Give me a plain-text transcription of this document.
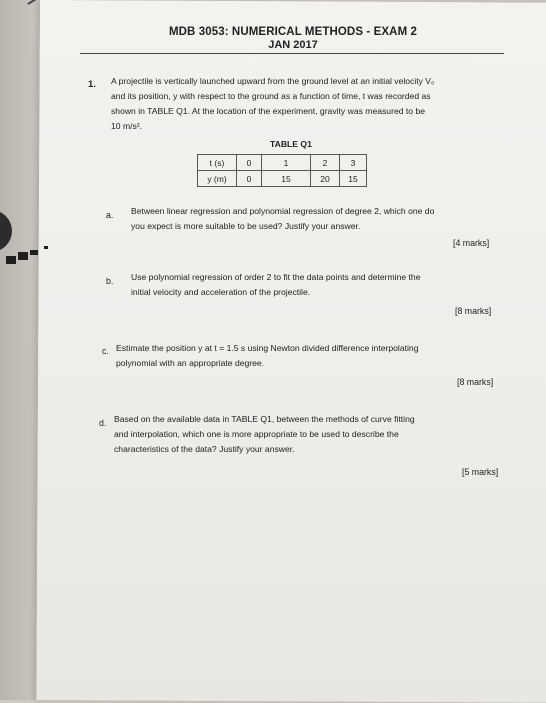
MDB 3053: NUMERICAL METHODS - EXAM 2
JAN 2017
1. A projectile is vertically launched upward from the ground level at an initial velocity V₀
and its position, y with respect to the ground as a function of time, t was recorded as
shown in TABLE Q1. At the location of the experiment, gravity was measured to be
10 m/s².
TABLE Q1
t (s)	0	1	2	3
y (m)	0	15	20	15
a. Between linear regression and polynomial regression of degree 2, which one do
you expect is more suitable to be used? Justify your answer.
[4 marks]
b. Use polynomial regression of order 2 to fit the data points and determine the
initial velocity and acceleration of the projectile.
[8 marks]
c. Estimate the position y at t = 1.5 s using Newton divided difference interpolating
polynomial with an appropriate degree.
[8 marks]
d. Based on the available data in TABLE Q1, between the methods of curve fitting
and interpolation, which one is more appropriate to be used to describe the
characteristics of the data? Justify your answer.
[5 marks]
